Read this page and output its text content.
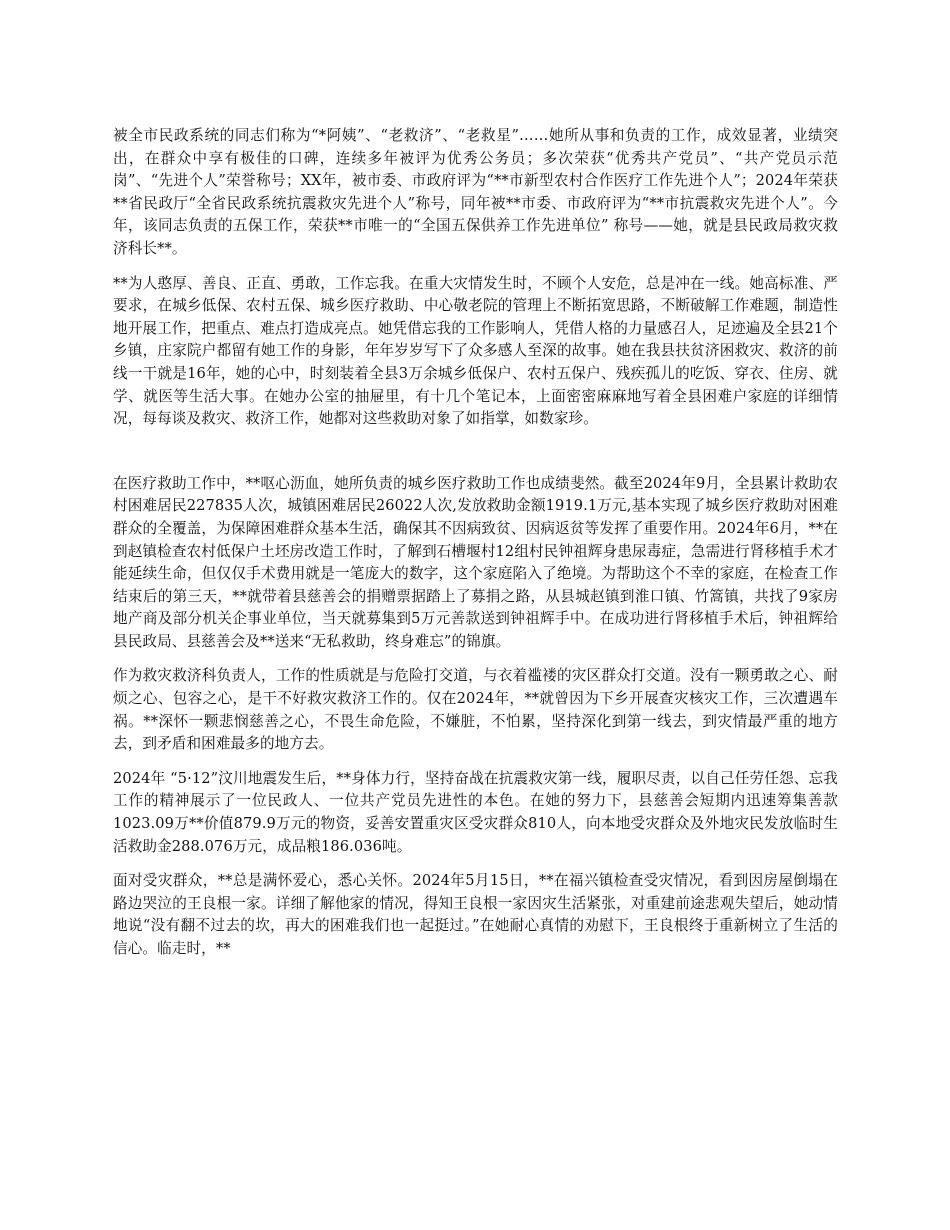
被全市民政系统的同志们称为“*阿姨”、“老救济”、“老救星”……她所从事和负责的工作，成效显著，业绩突出，在群众中享有极佳的口碑，连续多年被评为优秀公务员；多次荣获“优秀共产党员”、“共产党员示范岗”、“先进个人”荣誉称号；XX年，被市委、市政府评为“**市新型农村合作医疗工作先进个人”；2024年荣获**省民政厅“全省民政系统抗震救灾先进个人”称号，同年被**市委、市政府评为“**市抗震救灾先进个人”。今年，该同志负责的五保工作，荣获**市唯一的“全国五保供养工作先进单位” 称号——她，就是县民政局救灾救济科长**。

**为人憨厚、善良、正直、勇敢，工作忘我。在重大灾情发生时，不顾个人安危，总是冲在一线。她高标准、严要求，在城乡低保、农村五保、城乡医疗救助、中心敬老院的管理上不断拓宽思路，不断破解工作难题，制造性地开展工作，把重点、难点打造成亮点。她凭借忘我的工作影响人，凭借人格的力量感召人，足迹遍及全县21个乡镇，庄家院户都留有她工作的身影，年年岁岁写下了众多感人至深的故事。她在我县扶贫济困救灾、救济的前线一干就是16年，她的心中，时刻装着全县3万余城乡低保户、农村五保户、残疾孤儿的吃饭、穿衣、住房、就学、就医等生活大事。在她办公室的抽屉里，有十几个笔记本，上面密密麻麻地写着全县困难户家庭的详细情况，每每谈及救灾、救济工作，她都对这些救助对象了如指掌，如数家珍。

在医疗救助工作中，**呕心沥血，她所负责的城乡医疗救助工作也成绩斐然。截至2024年9月，全县累计救助农村困难居民227835人次，城镇困难居民26022人次,发放救助金额1919.1万元,基本实现了城乡医疗救助对困难群众的全覆盖，为保障困难群众基本生活，确保其不因病致贫、因病返贫等发挥了重要作用。2024年6月，**在到赵镇检查农村低保户土坯房改造工作时，了解到石槽堰村12组村民钟祖辉身患尿毒症，急需进行肾移植手术才能延续生命，但仅仅手术费用就是一笔庞大的数字，这个家庭陷入了绝境。为帮助这个不幸的家庭，在检查工作结束后的第三天，**就带着县慈善会的捐赠票据踏上了募捐之路，从县城赵镇到淮口镇、竹篙镇，共找了9家房地产商及部分机关企事业单位，当天就募集到5万元善款送到钟祖辉手中。在成功进行肾移植手术后，钟祖辉给县民政局、县慈善会及**送来“无私救助，终身难忘”的锦旗。

作为救灾救济科负责人，工作的性质就是与危险打交道，与衣着褴褛的灾区群众打交道。没有一颗勇敢之心、耐烦之心、包容之心，是干不好救灾救济工作的。仅在2024年，**就曾因为下乡开展查灾核灾工作，三次遭遇车祸。**深怀一颗悲悯慈善之心，不畏生命危险，不嫌脏，不怕累，坚持深化到第一线去，到灾情最严重的地方去，到矛盾和困难最多的地方去。

2024年 “5·12”汶川地震发生后，**身体力行，坚持奋战在抗震救灾第一线，履职尽责，以自己任劳任怨、忘我工作的精神展示了一位民政人、一位共产党员先进性的本色。在她的努力下，县慈善会短期内迅速筹集善款1023.09万**价值879.9万元的物资，妥善安置重灾区受灾群众810人，向本地受灾群众及外地灾民发放临时生活救助金288.076万元，成品粮186.036吨。

面对受灾群众，**总是满怀爱心，悉心关怀。2024年5月15日，**在福兴镇检查受灾情况，看到因房屋倒塌在路边哭泣的王良根一家。详细了解他家的情况，得知王良根一家因灾生活紧张，对重建前途悲观失望后，她动情地说“没有翻不过去的坎，再大的困难我们也一起挺过。”在她耐心真情的劝慰下，王良根终于重新树立了生活的信心。临走时，**
